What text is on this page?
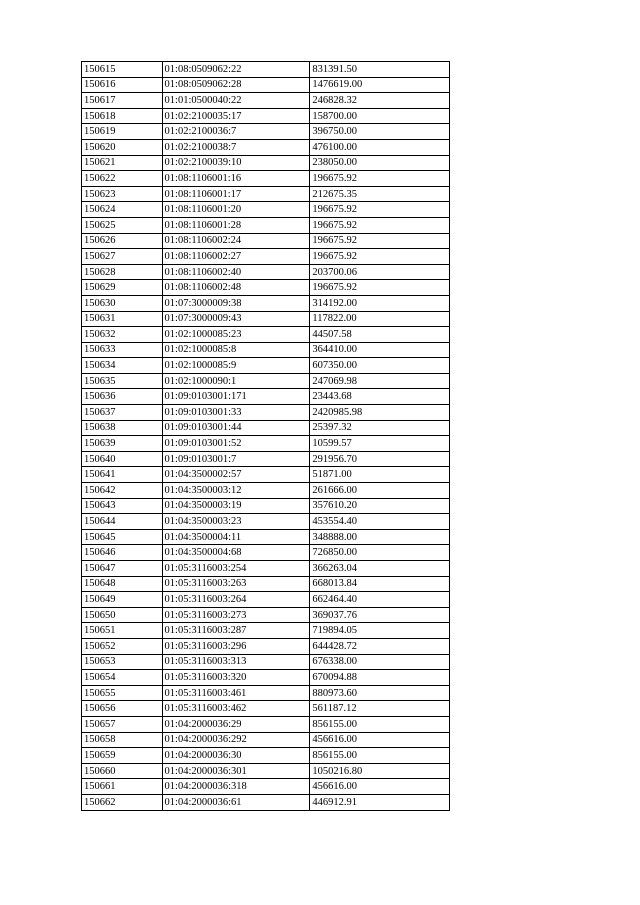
150615	01:08:0509062:22	831391.50
150616	01:08:0509062:28	1476619.00
150617	01:01:0500040:22	246828.32
150618	01:02:2100035:17	158700.00
150619	01:02:2100036:7	396750.00
150620	01:02:2100038:7	476100.00
150621	01:02:2100039:10	238050.00
150622	01:08:1106001:16	196675.92
150623	01:08:1106001:17	212675.35
150624	01:08:1106001:20	196675.92
150625	01:08:1106001:28	196675.92
150626	01:08:1106002:24	196675.92
150627	01:08:1106002:27	196675.92
150628	01:08:1106002:40	203700.06
150629	01:08:1106002:48	196675.92
150630	01:07:3000009:38	314192.00
150631	01:07:3000009:43	117822.00
150632	01:02:1000085:23	44507.58
150633	01:02:1000085:8	364410.00
150634	01:02:1000085:9	607350.00
150635	01:02:1000090:1	247069.98
150636	01:09:0103001:171	23443.68
150637	01:09:0103001:33	2420985.98
150638	01:09:0103001:44	25397.32
150639	01:09:0103001:52	10599.57
150640	01:09:0103001:7	291956.70
150641	01:04:3500002:57	51871.00
150642	01:04:3500003:12	261666.00
150643	01:04:3500003:19	357610.20
150644	01:04:3500003:23	453554.40
150645	01:04:3500004:11	348888.00
150646	01:04:3500004:68	726850.00
150647	01:05:3116003:254	366263.04
150648	01:05:3116003:263	668013.84
150649	01:05:3116003:264	662464.40
150650	01:05:3116003:273	369037.76
150651	01:05:3116003:287	719894.05
150652	01:05:3116003:296	644428.72
150653	01:05:3116003:313	676338.00
150654	01:05:3116003:320	670094.88
150655	01:05:3116003:461	880973.60
150656	01:05:3116003:462	561187.12
150657	01:04:2000036:29	856155.00
150658	01:04:2000036:292	456616.00
150659	01:04:2000036:30	856155.00
150660	01:04:2000036:301	1050216.80
150661	01:04:2000036:318	456616.00
150662	01:04:2000036:61	446912.91
